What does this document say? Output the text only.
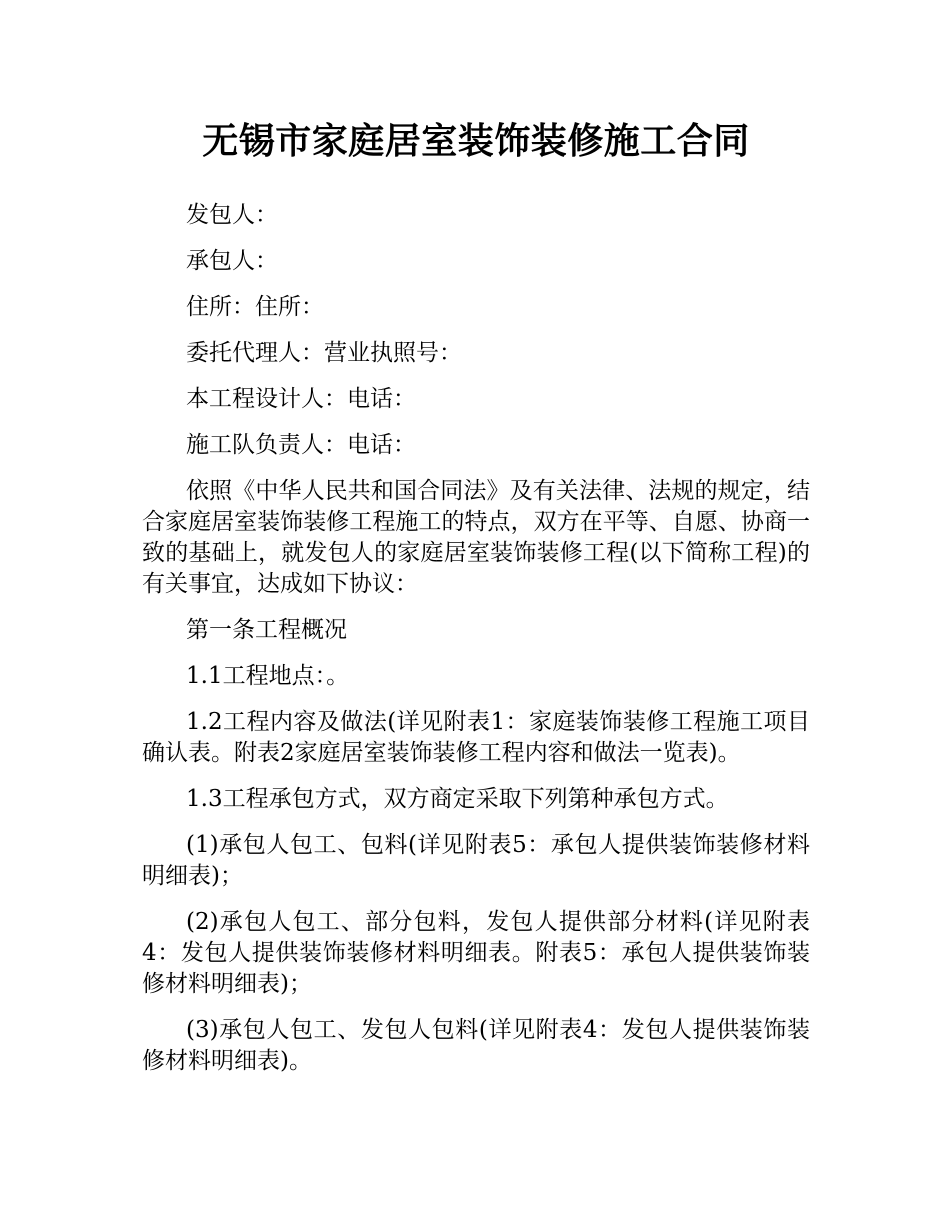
无锡市家庭居室装饰装修施工合同

发包人：

承包人：

住所：住所：

委托代理人：营业执照号：

本工程设计人：电话：

施工队负责人：电话：

依照《中华人民共和国合同法》及有关法律、法规的规定，结合家庭居室装饰装修工程施工的特点，双方在平等、自愿、协商一致的基础上，就发包人的家庭居室装饰装修工程(以下简称工程)的有关事宜，达成如下协议：

第一条工程概况

1.1工程地点：。

1.2工程内容及做法(详见附表1：家庭装饰装修工程施工项目确认表。附表2家庭居室装饰装修工程内容和做法一览表)。

1.3工程承包方式，双方商定采取下列第种承包方式。

(1)承包人包工、包料(详见附表5：承包人提供装饰装修材料明细表)；

(2)承包人包工、部分包料，发包人提供部分材料(详见附表4：发包人提供装饰装修材料明细表。附表5：承包人提供装饰装修材料明细表)；

(3)承包人包工、发包人包料(详见附表4：发包人提供装饰装修材料明细表)。
